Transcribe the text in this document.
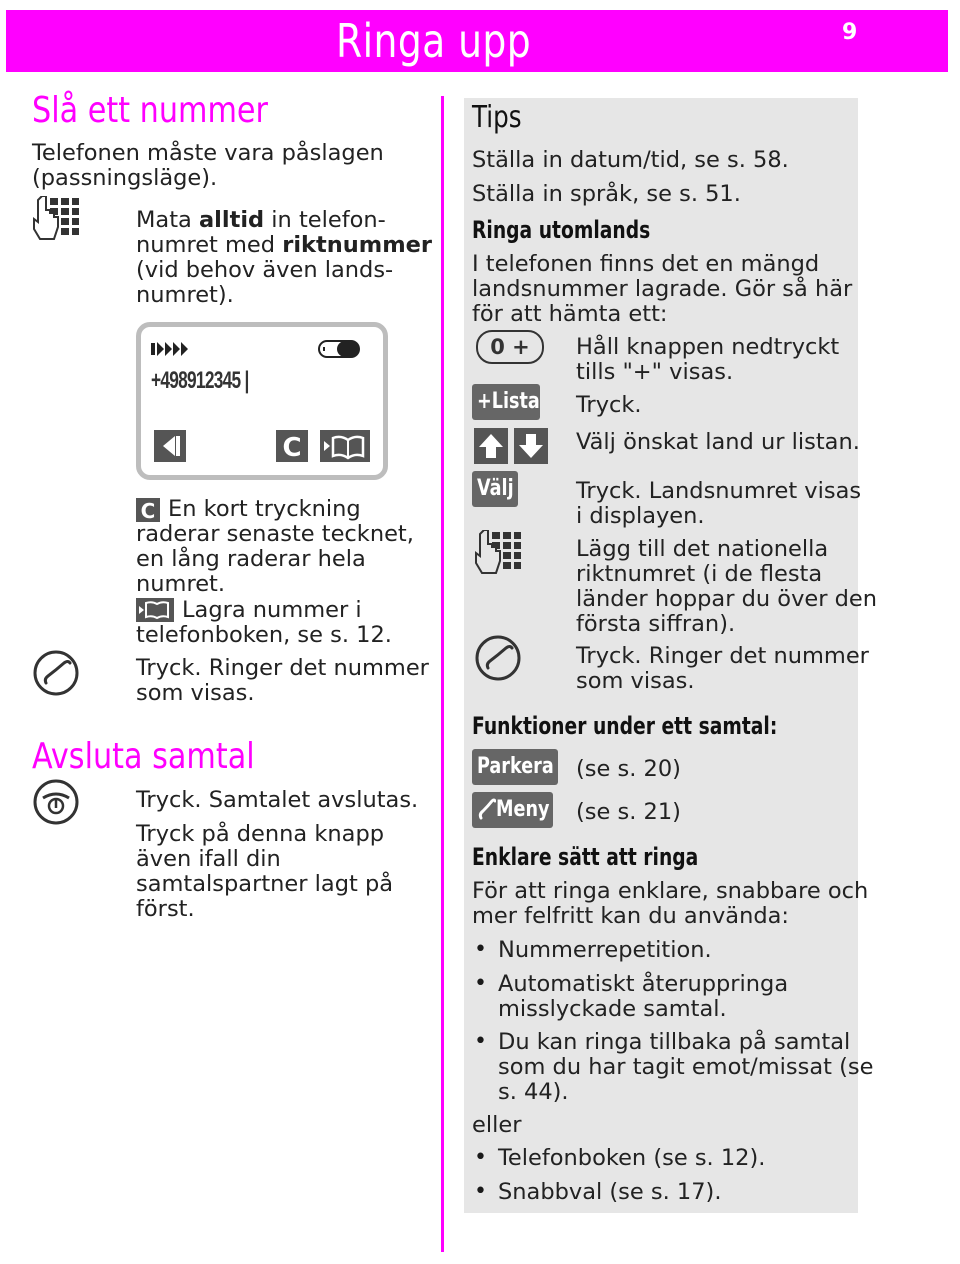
Ringa upp	9
Slå ett nummer
Telefonen måste vara påslagen
(passningsläge).
Mata alltid in telefon-
numret med riktnummer
(vid behov även lands-
numret).
+498912345 |
C
C En kort tryckning
raderar senaste tecknet,
en lång raderar hela
numret.
Lagra nummer i
telefonboken, se s. 12.
Tryck. Ringer det nummer
som visas.
Avsluta samtal
Tryck. Samtalet avslutas.
Tryck på denna knapp
även ifall din
samtalspartner lagt på
först.
Tips
Ställa in datum/tid, se s. 58.
Ställa in språk, se s. 51.
Ringa utomlands
I telefonen finns det en mängd
landsnummer lagrade. Gör så här
för att hämta ett:
0 +	Håll knappen nedtryckt
tills "+" visas.
+Lista Tryck.
Välj önskat land ur listan.
Välj	Tryck. Landsnumret visas
i displayen.
Lägg till det nationella
riktnumret (i de flesta
länder hoppar du över den
första siffran).
Tryck. Ringer det nummer
som visas.
Funktioner under ett samtal:
Parkera (se s. 20)
Meny (se s. 21)
Enklare sätt att ringa
För att ringa enklare, snabbare och
mer felfritt kan du använda:
• Nummerrepetition.
• Automatiskt återuppringa
misslyckade samtal.
• Du kan ringa tillbaka på samtal
som du har tagit emot/missat (se
s. 44).
eller
• Telefonboken (se s. 12).
• Snabbval (se s. 17).
